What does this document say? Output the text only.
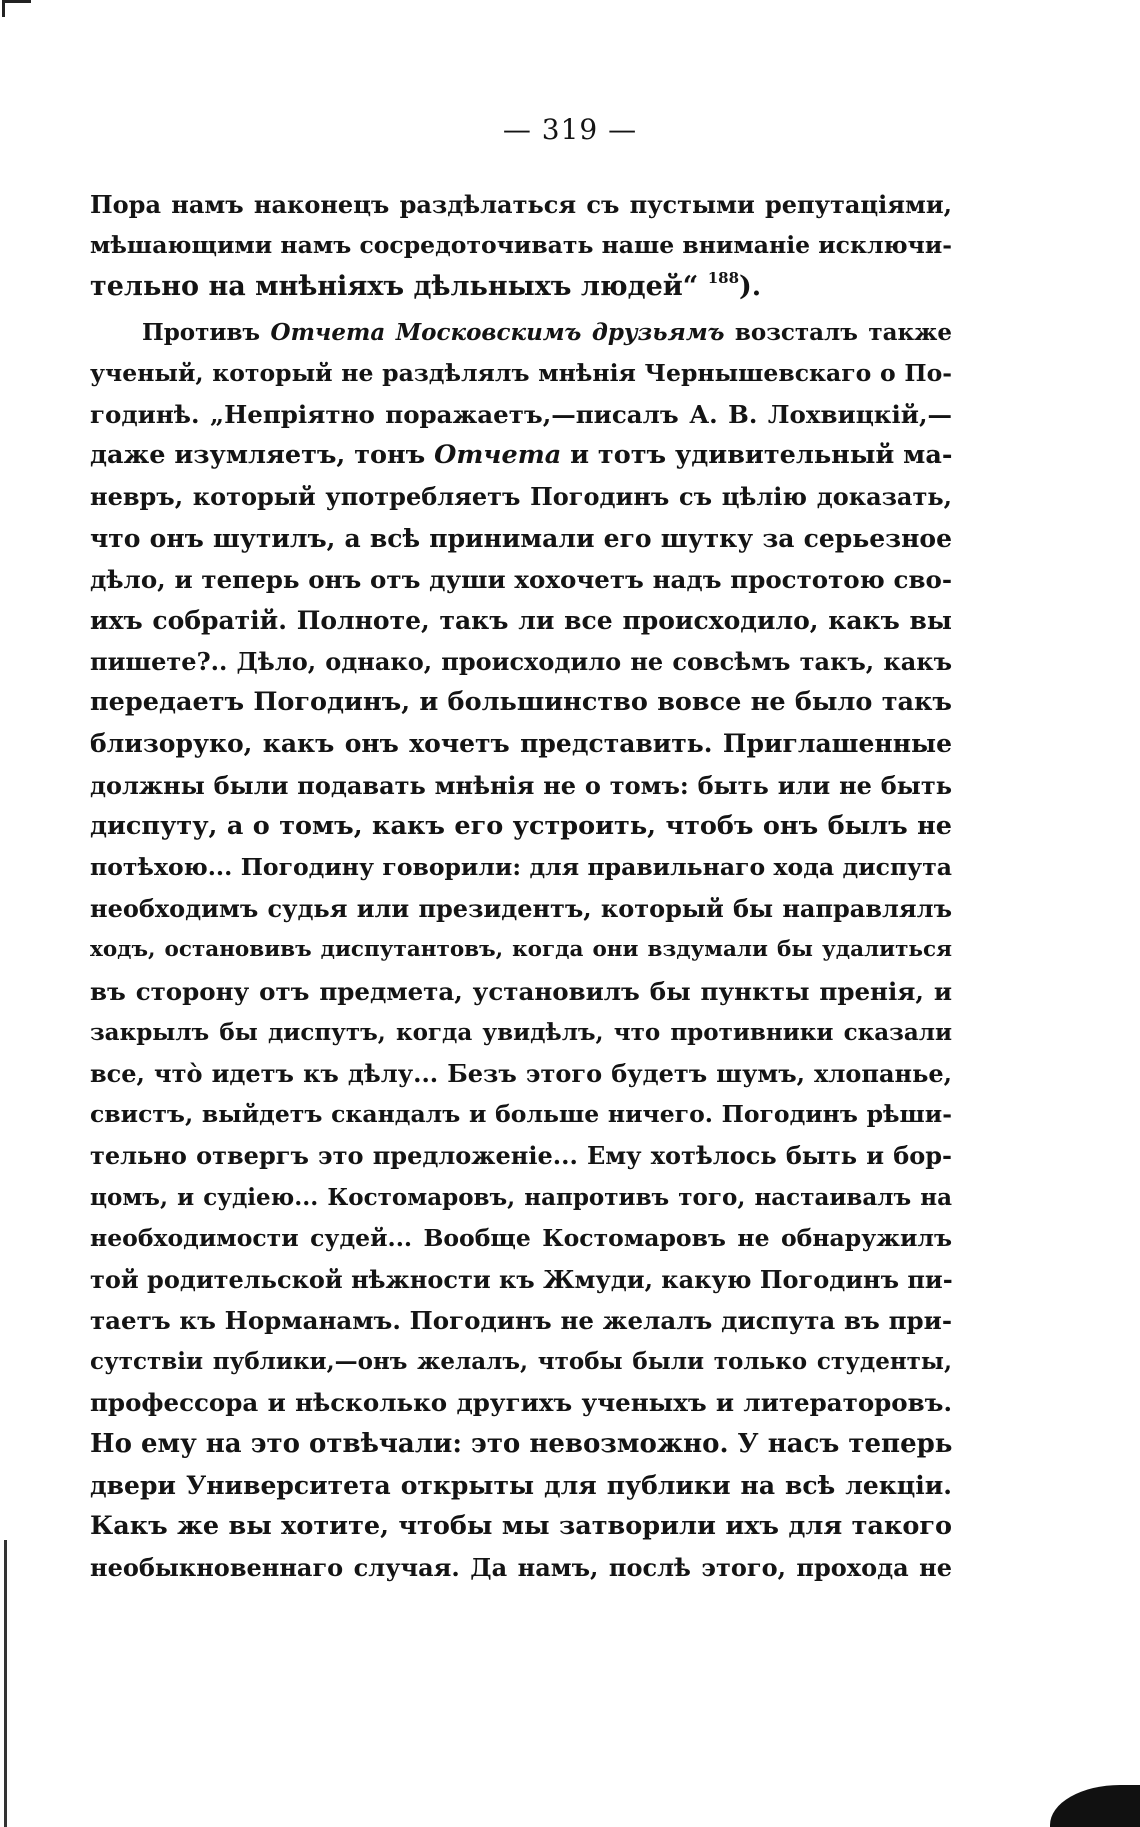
— 319 —
Пора намъ наконецъ раздѣлаться съ пустыми репутаціями,
мѣшающими намъ сосредоточивать наше вниманіе исключи-
тельно на мнѣніяхъ дѣльныхъ людей“ $^{188}$).
Противъ Отчета Московскимъ друзьямъ возсталъ также
ученый, который не раздѣлялъ мнѣнія Чернышевскаго о По-
годинѣ. „Непріятно поражаетъ,—писалъ А. В. Лохвицкій,—
даже изумляетъ, тонъ Отчета и тотъ удивительный ма-
невръ, который употребляетъ Погодинъ съ цѣлію доказать,
что онъ шутилъ, а всѣ принимали его шутку за серьезное
дѣло, и теперь онъ отъ души хохочетъ надъ простотою сво-
ихъ собратій. Полноте, такъ ли все происходило, какъ вы
пишете?.. Дѣло, однако, происходило не совсѣмъ такъ, какъ
передаетъ Погодинъ, и большинство вовсе не было такъ
близоруко, какъ онъ хочетъ представить. Приглашенные
должны были подавать мнѣнія не о томъ: быть или не быть
диспуту, а о томъ, какъ его устроить, чтобъ онъ былъ не
потѣхою... Погодину говорили: для правильнаго хода диспута
необходимъ судья или президентъ, который бы направлялъ
ходъ, остановивъ диспутантовъ, когда они вздумали бы удалиться
въ сторону отъ предмета, установилъ бы пункты пренія, и
закрылъ бы диспутъ, когда увидѣлъ, что противники сказали
все, что̀ идетъ къ дѣлу... Безъ этого будетъ шумъ, хлопанье,
свистъ, выйдетъ скандалъ и больше ничего. Погодинъ рѣши-
тельно отвергъ это предложеніе... Ему хотѣлось быть и бор-
цомъ, и судіею... Костомаровъ, напротивъ того, настаивалъ на
необходимости судей... Вообще Костомаровъ не обнаружилъ
той родительской нѣжности къ Жмуди, какую Погодинъ пи-
таетъ къ Норманамъ. Погодинъ не желалъ диспута въ при-
сутствіи публики,—онъ желалъ, чтобы были только студенты,
профессора и нѣсколько другихъ ученыхъ и литераторовъ.
Но ему на это отвѣчали: это невозможно. У насъ теперь
двери Университета открыты для публики на всѣ лекціи.
Какъ же вы хотите, чтобы мы затворили ихъ для такого
необыкновеннаго случая. Да намъ, послѣ этого, прохода не
